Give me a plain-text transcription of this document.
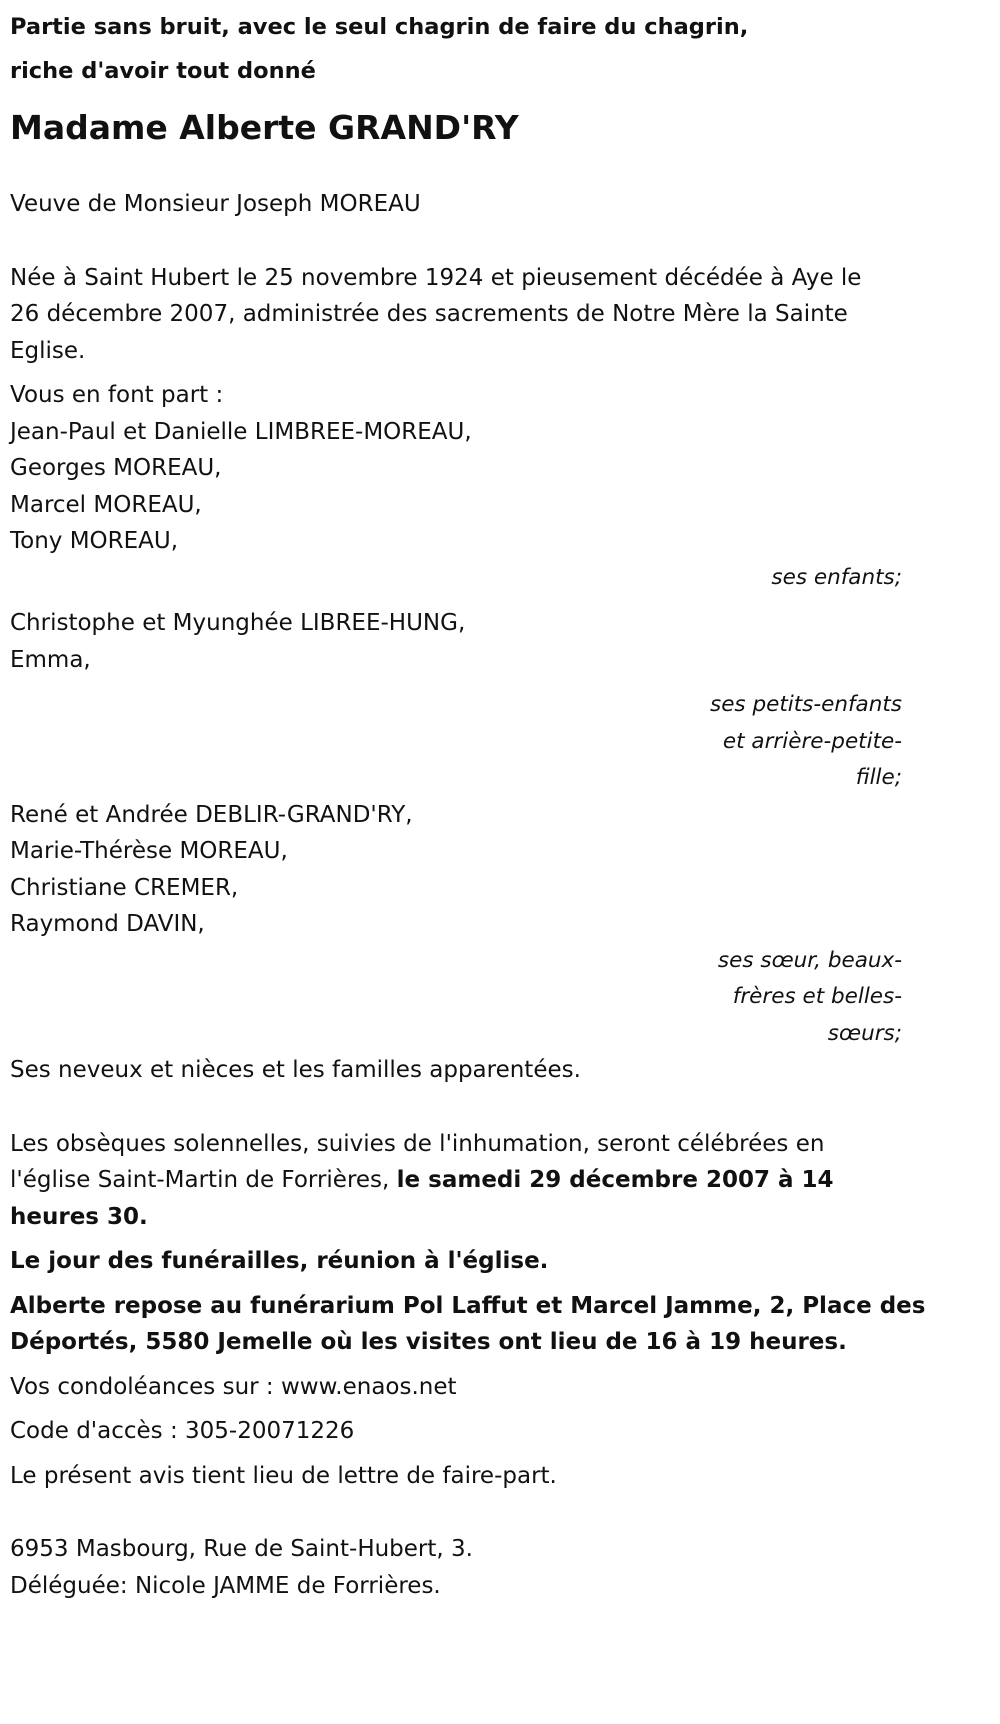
Partie sans bruit, avec le seul chagrin de faire du chagrin,

riche d'avoir tout donné

Madame Alberte GRAND'RY

Veuve de Monsieur Joseph MOREAU

Née à Saint Hubert le 25 novembre 1924 et pieusement décédée à Aye le

26 décembre 2007, administrée des sacrements de Notre Mère la Sainte

Eglise.

Vous en font part :

Jean-Paul et Danielle LIMBREE-MOREAU,

Georges MOREAU,

Marcel MOREAU,

Tony MOREAU,

ses enfants;

Christophe et Myunghée LIBREE-HUNG,

Emma,

ses petits-enfants

et arrière-petite-

fille;

René et Andrée DEBLIR-GRAND'RY,

Marie-Thérèse MOREAU,

Christiane CREMER,

Raymond DAVIN,

ses sœur, beaux-

frères et belles-

sœurs;

Ses neveux et nièces et les familles apparentées.

Les obsèques solennelles, suivies de l'inhumation, seront célébrées en

l'église Saint-Martin de Forrières, le samedi 29 décembre 2007 à 14

heures 30.

Le jour des funérailles, réunion à l'église.

Alberte repose au funérarium Pol Laffut et Marcel Jamme, 2, Place des

Déportés, 5580 Jemelle où les visites ont lieu de 16 à 19 heures.

Vos condoléances sur : www.enaos.net

Code d'accès : 305-20071226

Le présent avis tient lieu de lettre de faire-part.

6953 Masbourg, Rue de Saint-Hubert, 3.

Déléguée: Nicole JAMME de Forrières.
